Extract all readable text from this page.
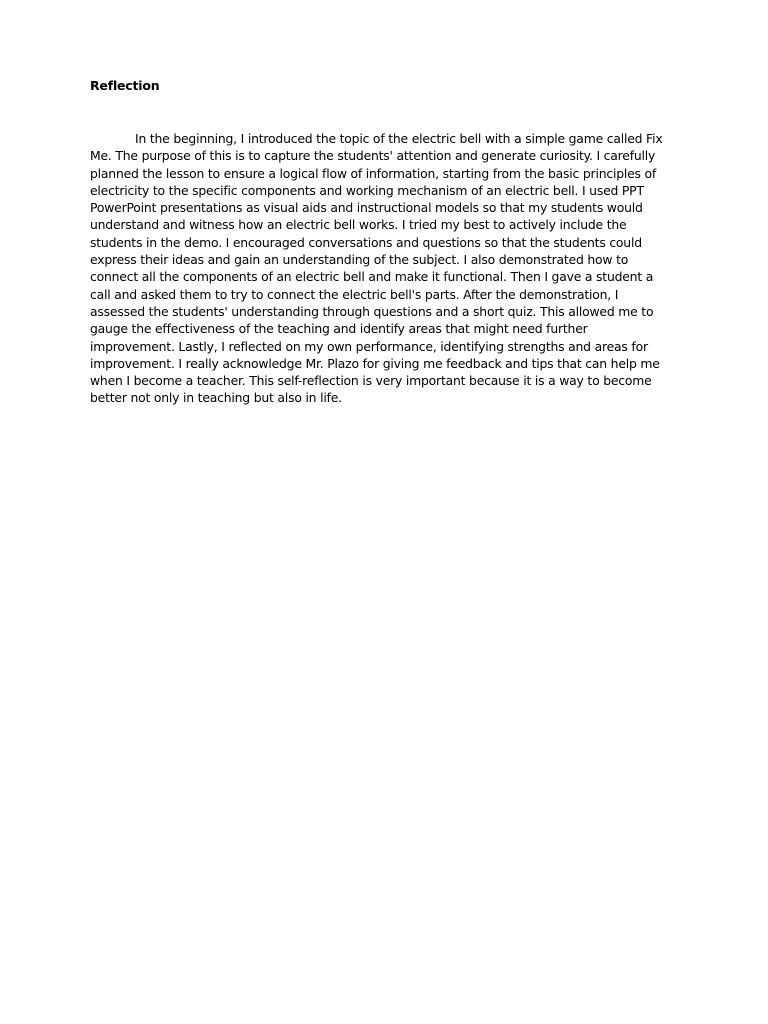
Reflection

In the beginning, I introduced the topic of the electric bell with a simple game called Fix Me. The purpose of this is to capture the students' attention and generate curiosity. I carefully planned the lesson to ensure a logical flow of information, starting from the basic principles of electricity to the specific components and working mechanism of an electric bell. I used PPT PowerPoint presentations as visual aids and instructional models so that my students would understand and witness how an electric bell works. I tried my best to actively include the students in the demo. I encouraged conversations and questions so that the students could express their ideas and gain an understanding of the subject. I also demonstrated how to connect all the components of an electric bell and make it functional. Then I gave a student a call and asked them to try to connect the electric bell's parts. After the demonstration, I assessed the students' understanding through questions and a short quiz. This allowed me to gauge the effectiveness of the teaching and identify areas that might need further improvement. Lastly, I reflected on my own performance, identifying strengths and areas for improvement. I really acknowledge Mr. Plazo for giving me feedback and tips that can help me when I become a teacher. This self-reflection is very important because it is a way to become better not only in teaching but also in life.
